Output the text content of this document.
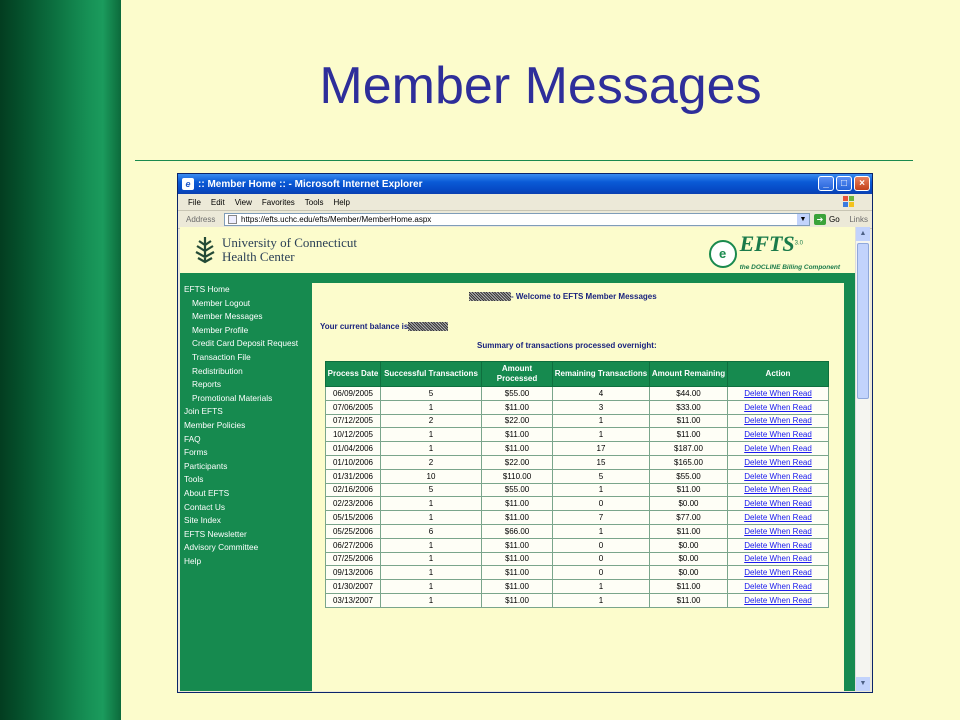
Member Messages
e :: Member Home :: - Microsoft Internet Explorer	_	□	×
File Edit View Favorites Tools Help
Address	https://efts.uchc.edu/efts/Member/MemberHome.aspx	▼	➔ Go Links
University of Connecticut
Health Center	e $EFTS^{3.0}$
the DOCLINE Billing Component
EFTS Home
Member Logout
Member Messages
Member Profile
Credit Card Deposit Request
Transaction File
Redistribution
Reports
Promotional Materials
Join EFTS
Member Policies
FAQ
Forms
Participants
Tools
About EFTS
Contact Us
Site Index
EFTS Newsletter
Advisory Committee
Help
- Welcome to EFTS Member Messages
Your current balance is
Summary of transactions processed overnight:
Process Date	Successful Transactions	Amount Processed	Remaining Transactions	Amount Remaining	Action
06/09/2005	5	$55.00	4	$44.00	Delete When Read
07/06/2005	1	$11.00	3	$33.00	Delete When Read
07/12/2005	2	$22.00	1	$11.00	Delete When Read
10/12/2005	1	$11.00	1	$11.00	Delete When Read
01/04/2006	1	$11.00	17	$187.00	Delete When Read
01/10/2006	2	$22.00	15	$165.00	Delete When Read
01/31/2006	10	$110.00	5	$55.00	Delete When Read
02/16/2006	5	$55.00	1	$11.00	Delete When Read
02/23/2006	1	$11.00	0	$0.00	Delete When Read
05/15/2006	1	$11.00	7	$77.00	Delete When Read
05/25/2006	6	$66.00	1	$11.00	Delete When Read
06/27/2006	1	$11.00	0	$0.00	Delete When Read
07/25/2006	1	$11.00	0	$0.00	Delete When Read
09/13/2006	1	$11.00	0	$0.00	Delete When Read
01/30/2007	1	$11.00	1	$11.00	Delete When Read
03/13/2007	1	$11.00	1	$11.00	Delete When Read
▲
▼
